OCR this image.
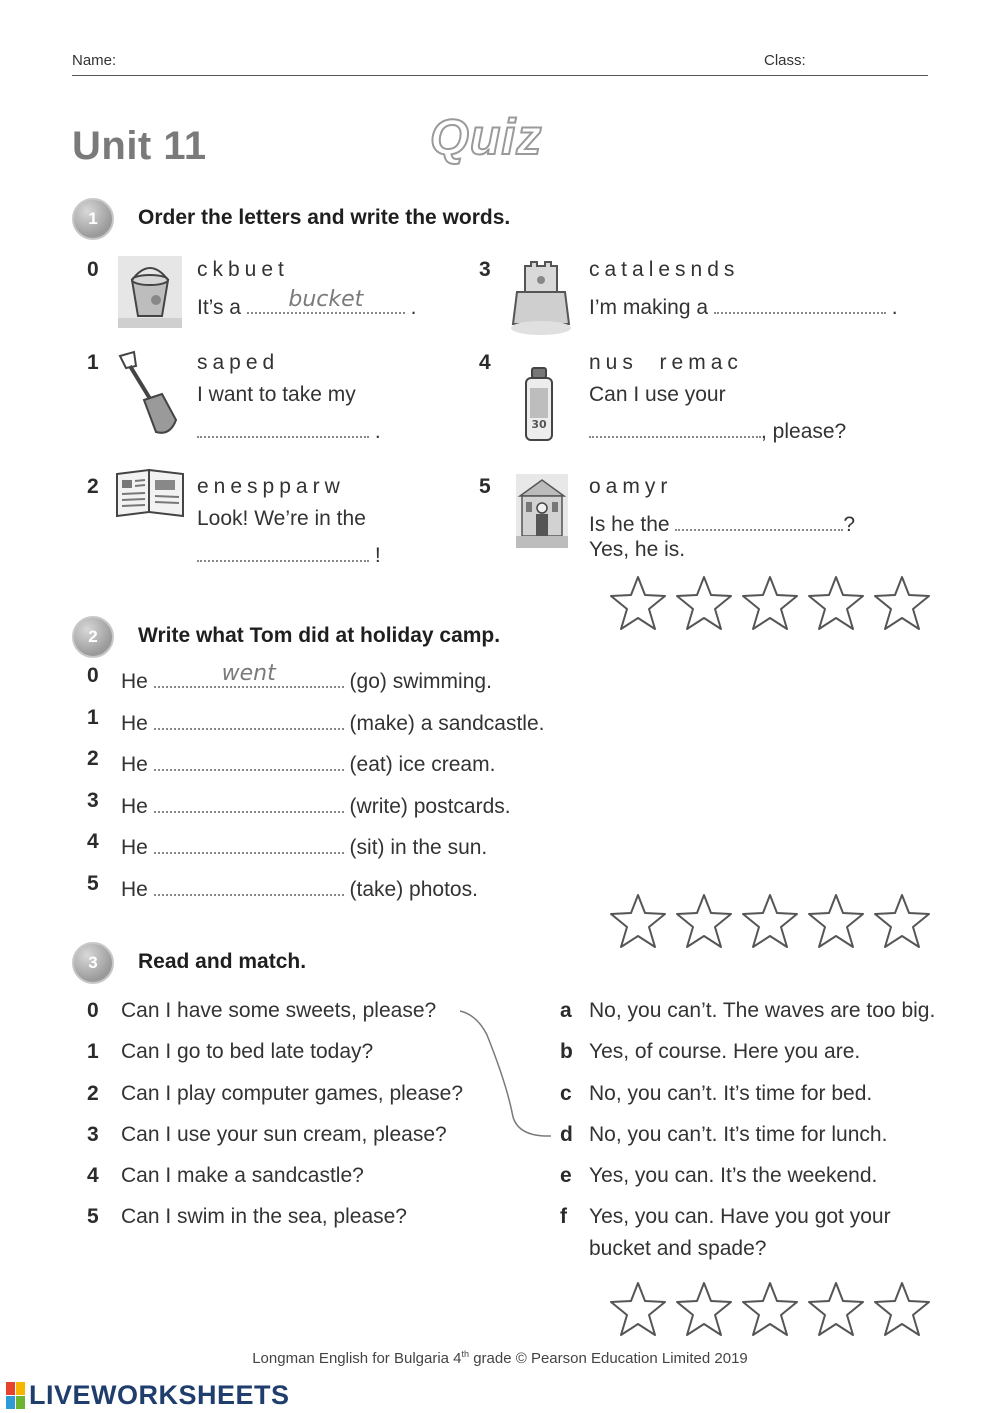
Name:	Class:
Unit 11	Quiz
1	Order the letters and write the words.
0	ckbuet
It’s a	bucket	.
1	saped
I want to take my
.
2	enespparw
Look! We’re in the
!
3	catalesnds
I’m making a	.
4
30
nus  remac
Can I use your
, please?
5	oamyr
Is he the	?
Yes, he is.
2	Write what Tom did at holiday camp.
0 He	went	(go) swimming.
1 He	(make) a sandcastle.
2 He	(eat) ice cream.
3 He	(write) postcards.
4 He	(sit) in the sun.
5 He	(take) photos.
3	Read and match.
0 Can I have some sweets, please?
1 Can I go to bed late today?
2 Can I play computer games, please?
3 Can I use your sun cream, please?
4 Can I make a sandcastle?
5 Can I swim in the sea, please?
a No, you can’t. The waves are too big.
b Yes, of course. Here you are.
c No, you can’t. It’s time for bed.
d No, you can’t. It’s time for lunch.
e Yes, you can. It’s the weekend.
f Yes, you can. Have you got your
bucket and spade?
Longman English for Bulgaria 4th grade © Pearson Education Limited 2019
LIVEWORKSHEETS
